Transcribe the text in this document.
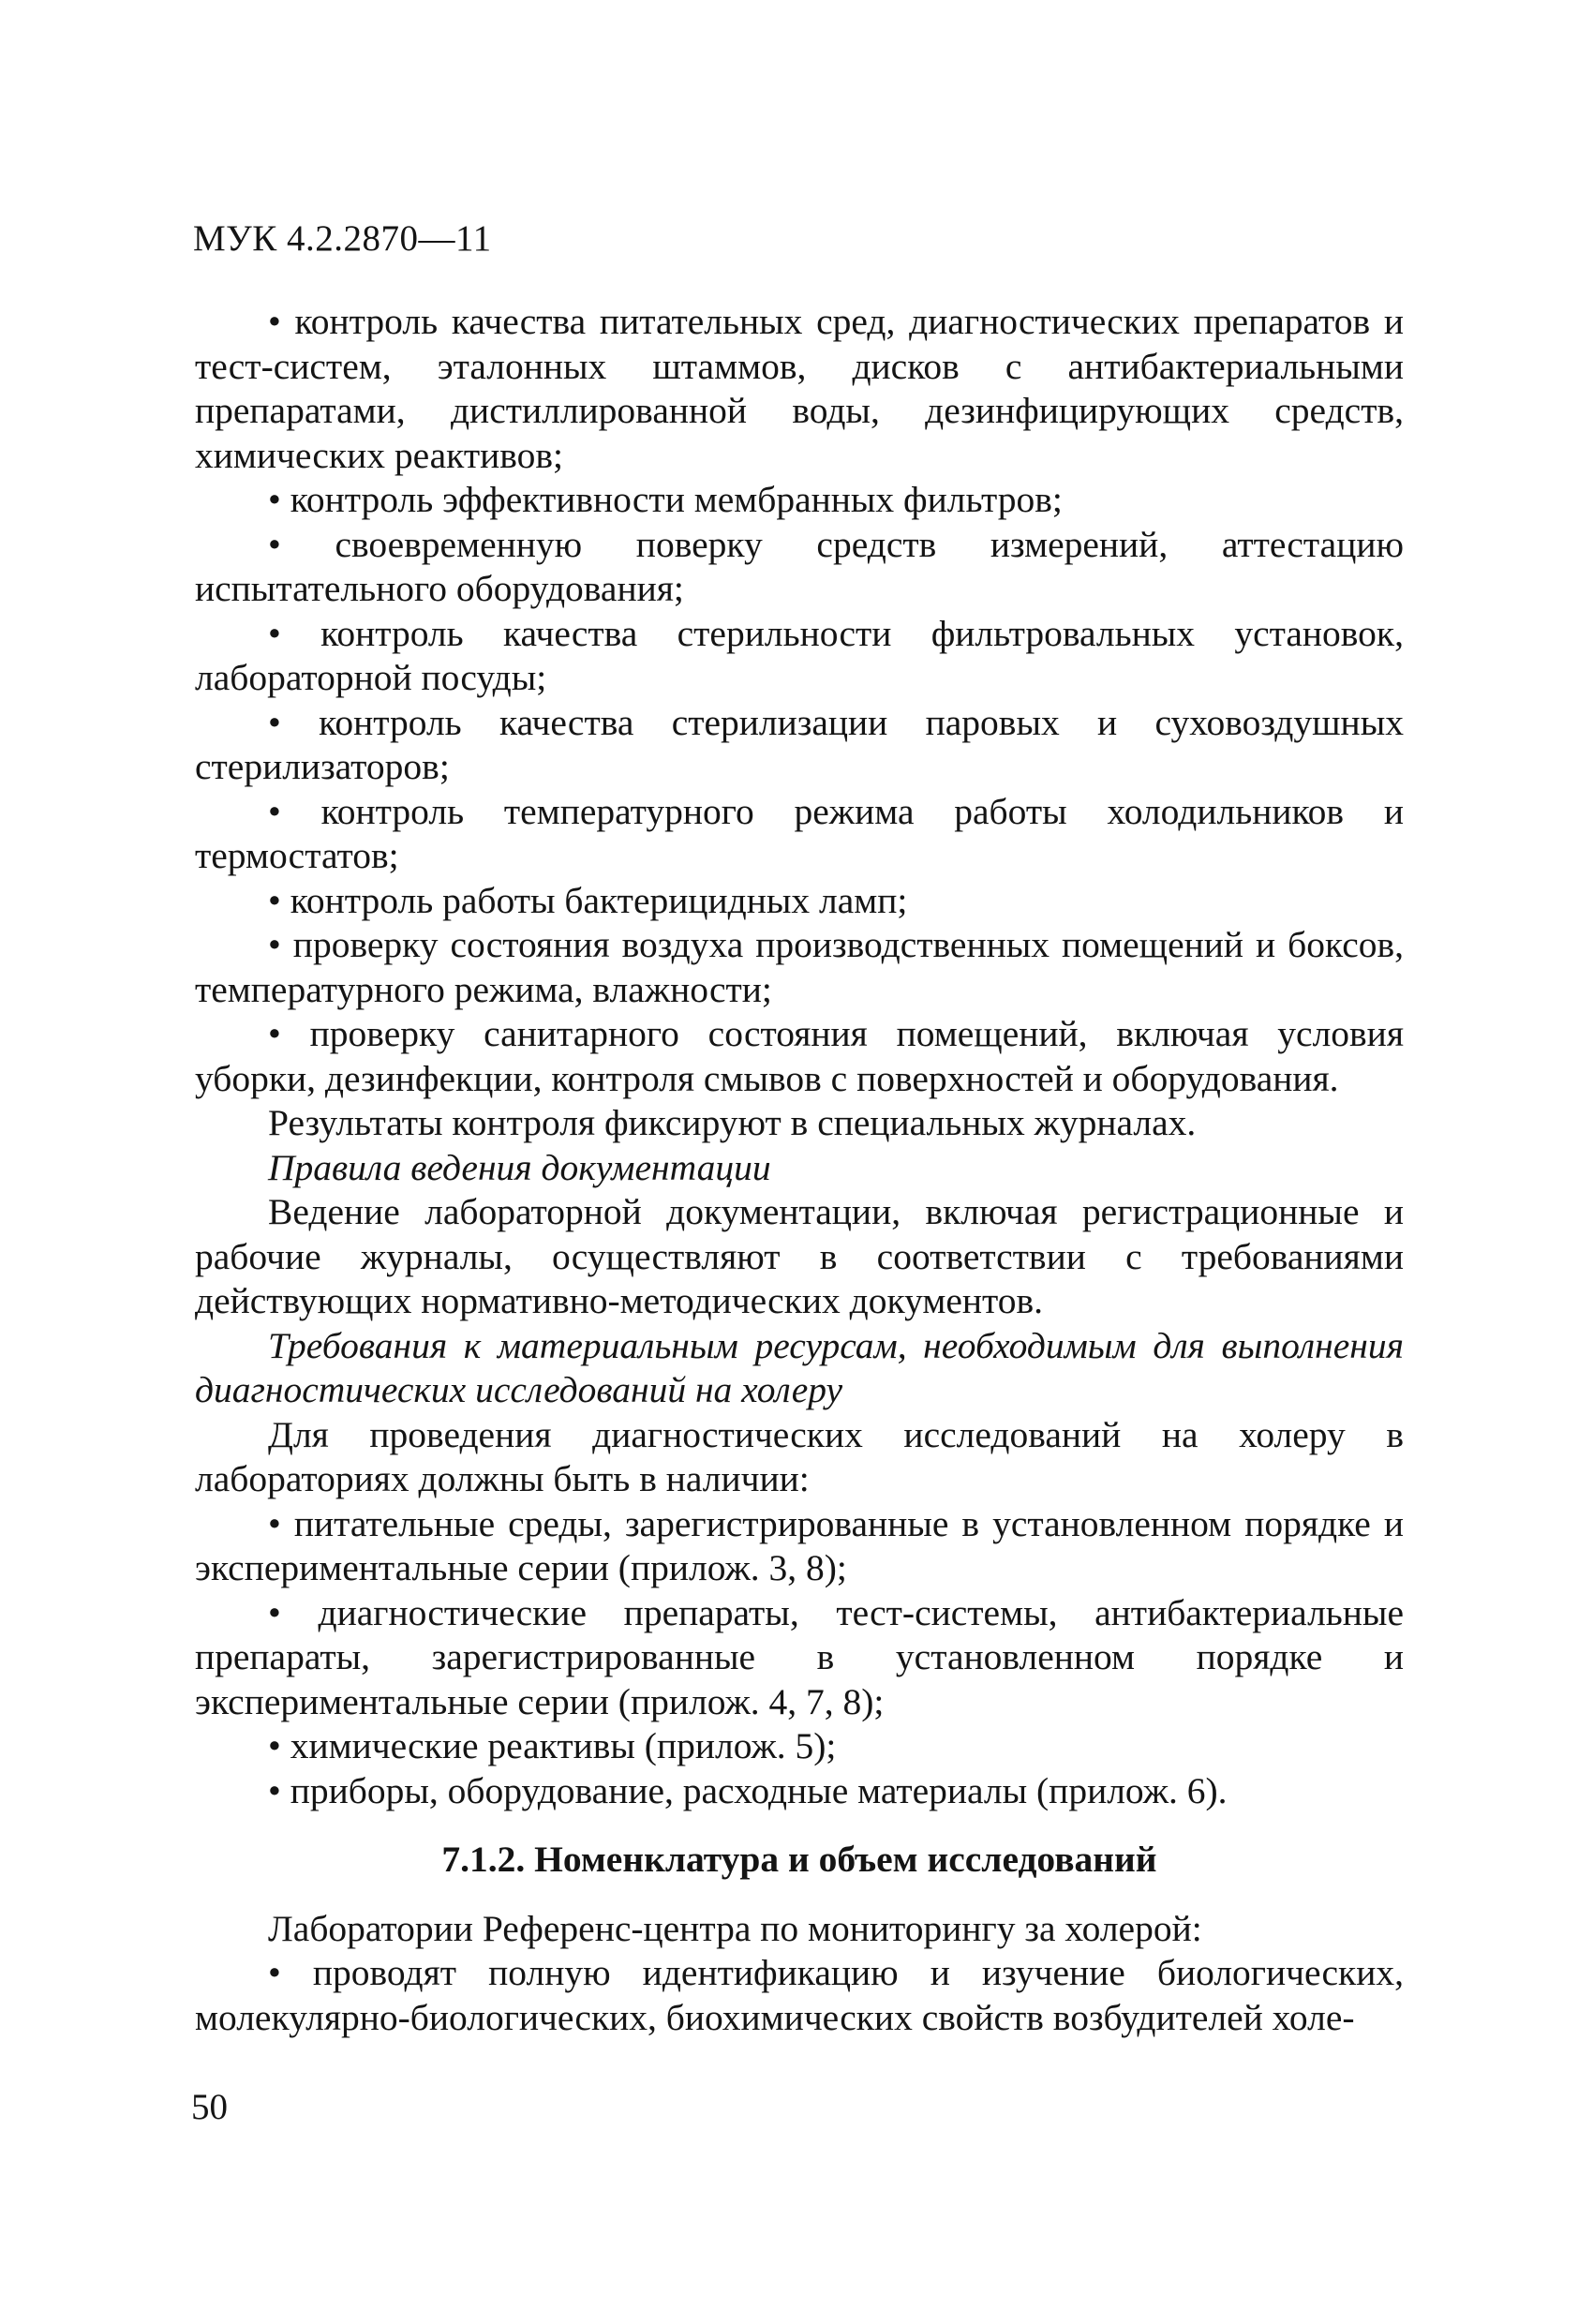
МУК 4.2.2870—11

• контроль качества питательных сред, диагностических препаратов и тест-систем, эталонных штаммов, дисков с антибактериальными препаратами, дистиллированной воды, дезинфицирующих средств, химических реактивов;

• контроль эффективности мембранных фильтров;

• своевременную поверку средств измерений, аттестацию испытательного оборудования;

• контроль качества стерильности фильтровальных установок, лабораторной посуды;

• контроль качества стерилизации паровых и суховоздушных стерилизаторов;

• контроль температурного режима работы холодильников и термостатов;

• контроль работы бактерицидных ламп;

• проверку состояния воздуха производственных помещений и боксов, температурного режима, влажности;

• проверку санитарного состояния помещений, включая условия уборки, дезинфекции, контроля смывов с поверхностей и оборудования.

Результаты контроля фиксируют в специальных журналах.

Правила ведения документации

Ведение лабораторной документации, включая регистрационные и рабочие журналы, осуществляют в соответствии с требованиями действующих нормативно-методических документов.

Требования к материальным ресурсам, необходимым для выполнения диагностических исследований на холеру

Для проведения диагностических исследований на холеру в лабораториях должны быть в наличии:

• питательные среды, зарегистрированные в установленном порядке и экспериментальные серии (прилож. 3, 8);

• диагностические препараты, тест-системы, антибактериальные препараты, зарегистрированные в установленном порядке и экспериментальные серии (прилож. 4, 7, 8);

• химические реактивы (прилож. 5);

• приборы, оборудование, расходные материалы (прилож. 6).

7.1.2. Номенклатура и объем исследований

Лаборатории Референс-центра по мониторингу за холерой:

• проводят полную идентификацию и изучение биологических, молекулярно-биологических, биохимических свойств возбудителей холе-

50
